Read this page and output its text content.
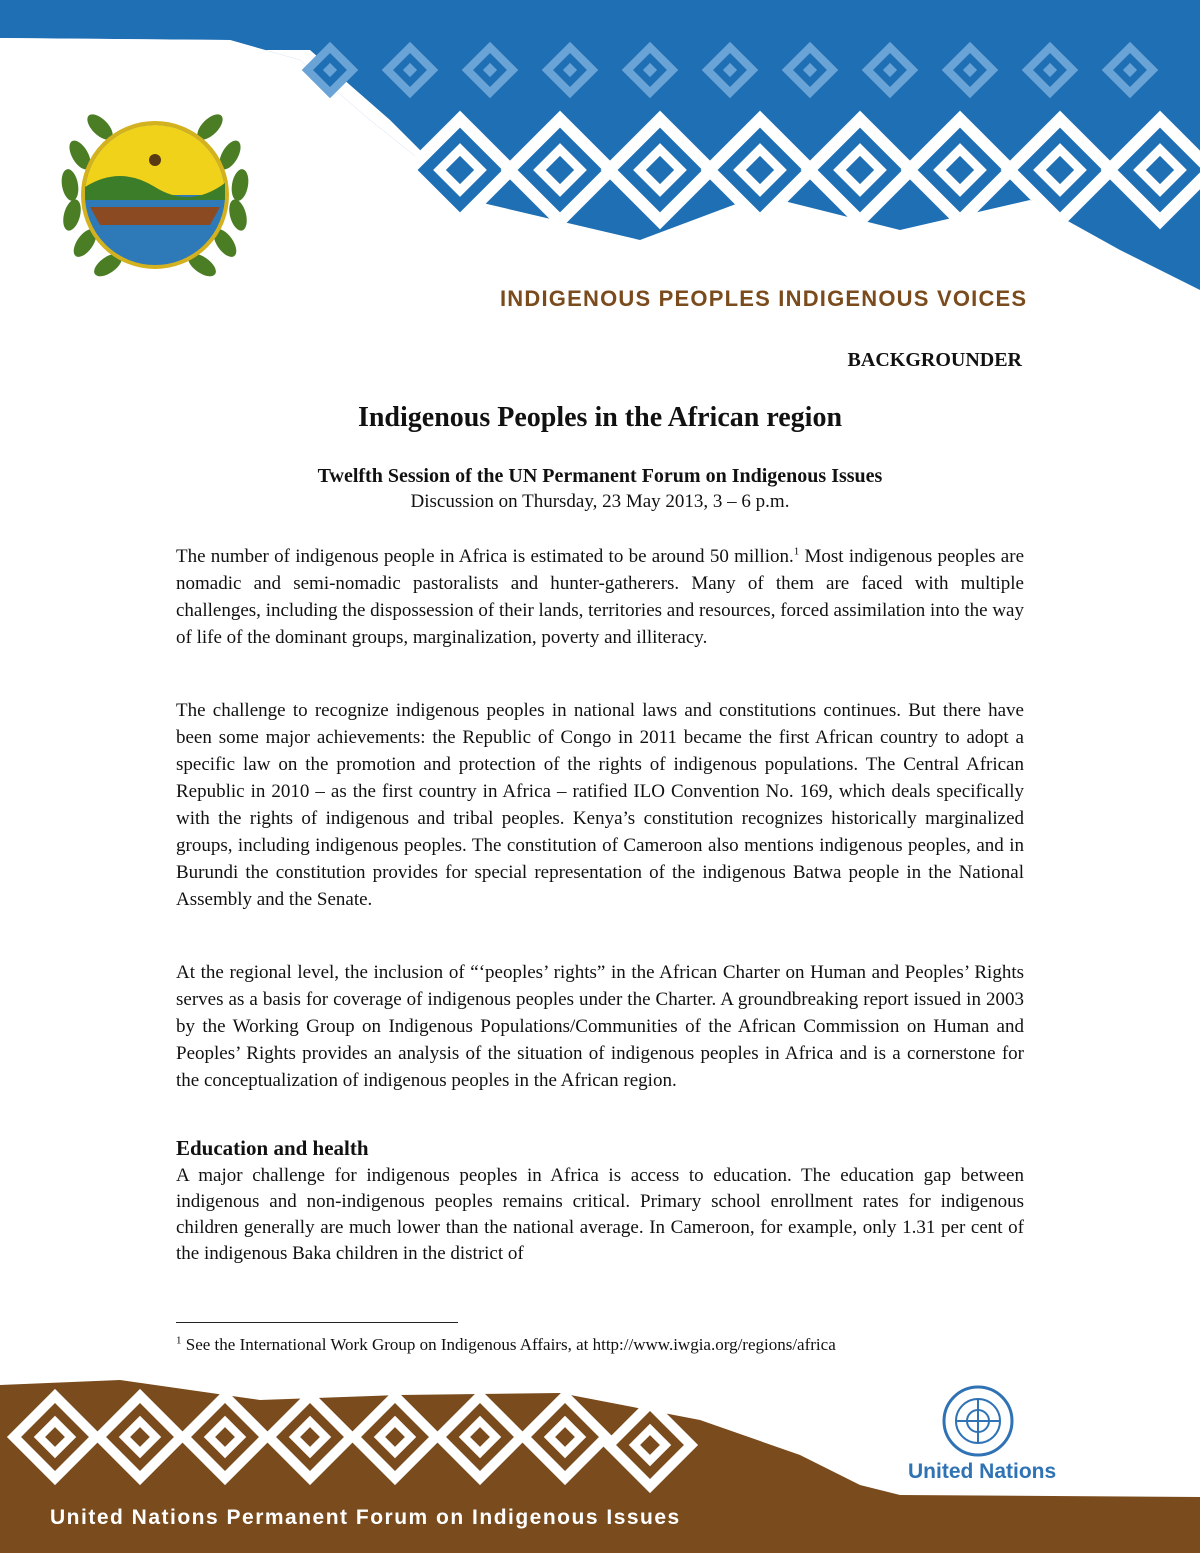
INDIGENOUS PEOPLES INDIGENOUS VOICES
BACKGROUNDER
Indigenous Peoples in the African region
Twelfth Session of the UN Permanent Forum on Indigenous Issues
Discussion on Thursday, 23 May 2013, 3 – 6 p.m.

The number of indigenous people in Africa is estimated to be around 50 million.$^1$ Most indigenous peoples are nomadic and semi-nomadic pastoralists and hunter-gatherers. Many of them are faced with multiple challenges, including the dispossession of their lands, territories and resources, forced assimilation into the way of life of the dominant groups, marginalization, poverty and illiteracy.

The challenge to recognize indigenous peoples in national laws and constitutions continues. But there have been some major achievements: the Republic of Congo in 2011 became the first African country to adopt a specific law on the promotion and protection of the rights of indigenous populations. The Central African Republic in 2010 – as the first country in Africa – ratified ILO Convention No. 169, which deals specifically with the rights of indigenous and tribal peoples. Kenya’s constitution recognizes historically marginalized groups, including indigenous peoples. The constitution of Cameroon also mentions indigenous peoples, and in Burundi the constitution provides for special representation of the indigenous Batwa people in the National Assembly and the Senate.

At the regional level, the inclusion of “‘peoples’ rights” in the African Charter on Human and Peoples’ Rights serves as a basis for coverage of indigenous peoples under the Charter. A groundbreaking report issued in 2003 by the Working Group on Indigenous Populations/Communities of the African Commission on Human and Peoples’ Rights provides an analysis of the situation of indigenous peoples in Africa and is a cornerstone for the conceptualization of indigenous peoples in the African region.

Education and health

A major challenge for indigenous peoples in Africa is access to education. The education gap between indigenous and non-indigenous peoples remains critical. Primary school enrollment rates for indigenous children generally are much lower than the national average. In Cameroon, for example, only 1.31 per cent of the indigenous Baka children in the district of

$^1$ See the International Work Group on Indigenous Affairs, at http://www.iwgia.org/regions/africa
United Nations
United Nations Permanent Forum on Indigenous Issues
